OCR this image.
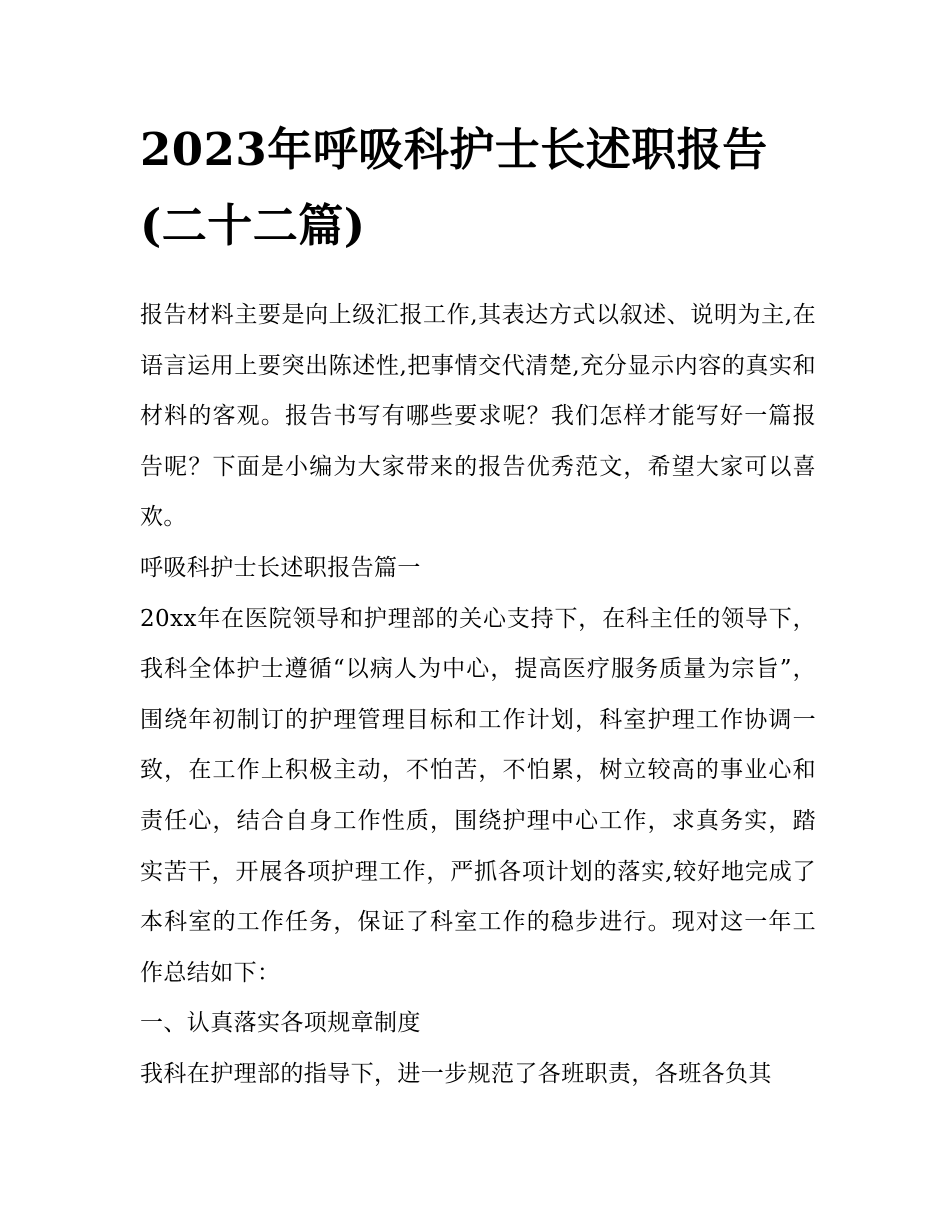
2023年呼吸科护士长述职报告(二十二篇)

报告材料主要是向上级汇报工作,其表达方式以叙述、说明为主,在语言运用上要突出陈述性,把事情交代清楚,充分显示内容的真实和材料的客观。报告书写有哪些要求呢？我们怎样才能写好一篇报告呢？下面是小编为大家带来的报告优秀范文，希望大家可以喜欢。

呼吸科护士长述职报告篇一

20xx年在医院领导和护理部的关心支持下，在科主任的领导下，我科全体护士遵循“以病人为中心，提高医疗服务质量为宗旨”，围绕年初制订的护理管理目标和工作计划，科室护理工作协调一致，在工作上积极主动，不怕苦，不怕累，树立较高的事业心和责任心，结合自身工作性质，围绕护理中心工作，求真务实，踏实苦干，开展各项护理工作，严抓各项计划的落实,较好地完成了本科室的工作任务，保证了科室工作的稳步进行。现对这一年工作总结如下：

一、认真落实各项规章制度

我科在护理部的指导下，进一步规范了各班职责，各班各负其
